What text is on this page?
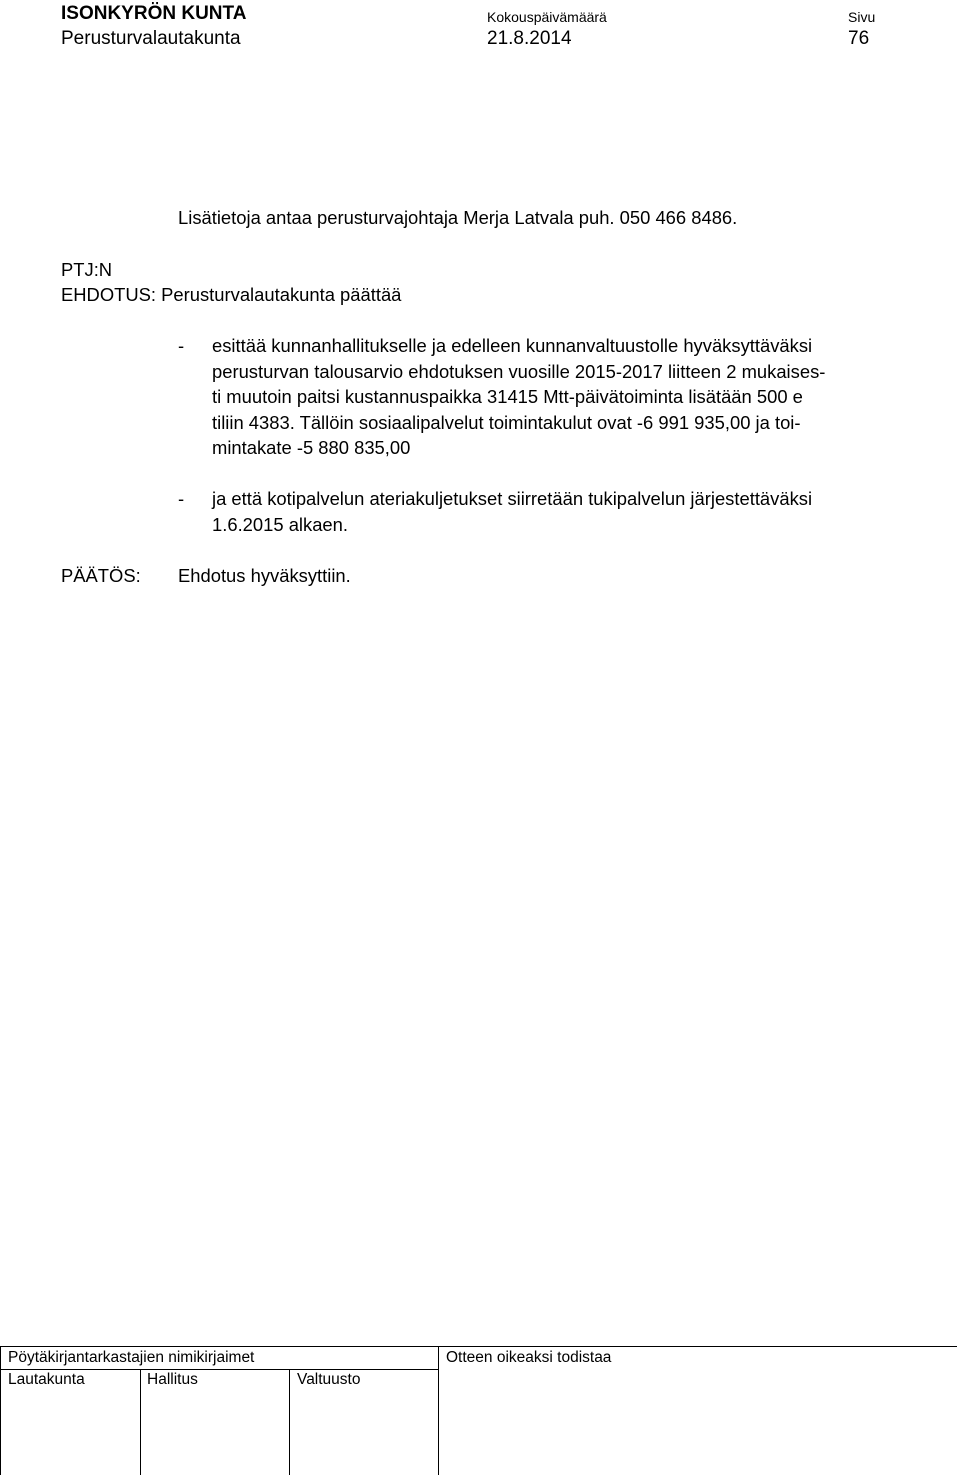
ISONKYRÖN KUNTA
Perusturvalautakunta
Kokouspäivämäärä
21.8.2014
Sivu
76
Lisätietoja antaa perusturvajohtaja Merja Latvala puh. 050 466 8486.
PTJ:N
EHDOTUS: Perusturvalautakunta päättää
- esittää kunnanhallitukselle ja edelleen kunnanvaltuustolle hyväksyttäväksi
perusturvan talousarvio ehdotuksen vuosille 2015-2017 liitteen 2 mukaises-
ti muutoin paitsi kustannuspaikka 31415 Mtt-päivätoiminta lisätään 500 e
tiliin 4383. Tällöin sosiaalipalvelut toimintakulut ovat -6 991 935,00 ja toi-
mintakate -5 880 835,00
- ja että kotipalvelun ateriakuljetukset siirretään tukipalvelun järjestettäväksi
1.6.2015 alkaen.
PÄÄTÖS: Ehdotus hyväksyttiin.
Pöytäkirjantarkastajien nimikirjaimet	Otteen oikeaksi todistaa
Lautakunta	Hallitus	Valtuusto
